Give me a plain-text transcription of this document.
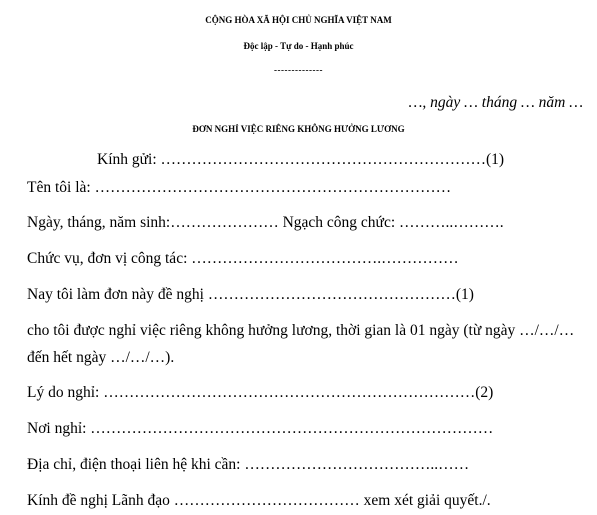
CỘNG HÒA XÃ HỘI CHỦ NGHĨA VIỆT NAM
Độc lập - Tự do - Hạnh phúc
--------------
…, ngày … tháng … năm …
ĐƠN NGHỈ VIỆC RIÊNG KHÔNG HƯỞNG LƯƠNG
Kính gửi: ………………………………………………………(1)
Tên tôi là: ……………………………………………………………
Ngày, tháng, năm sinh:………………… Ngạch công chức: ………..……….
Chức vụ, đơn vị công tác: ……………………………….……………
Nay tôi làm đơn này đề nghị …………………………………………(1)
cho tôi được nghỉ việc riêng không hưởng lương, thời gian là 01 ngày (từ ngày …/…/…
đến hết ngày …/…/…).
Lý do nghỉ: ………………………………………………………………(2)
Nơi nghỉ: ……………………………………………………………………
Địa chỉ, điện thoại liên hệ khi cần: ………………………………..……
Kính đề nghị Lãnh đạo ……………………………… xem xét giải quyết./.
